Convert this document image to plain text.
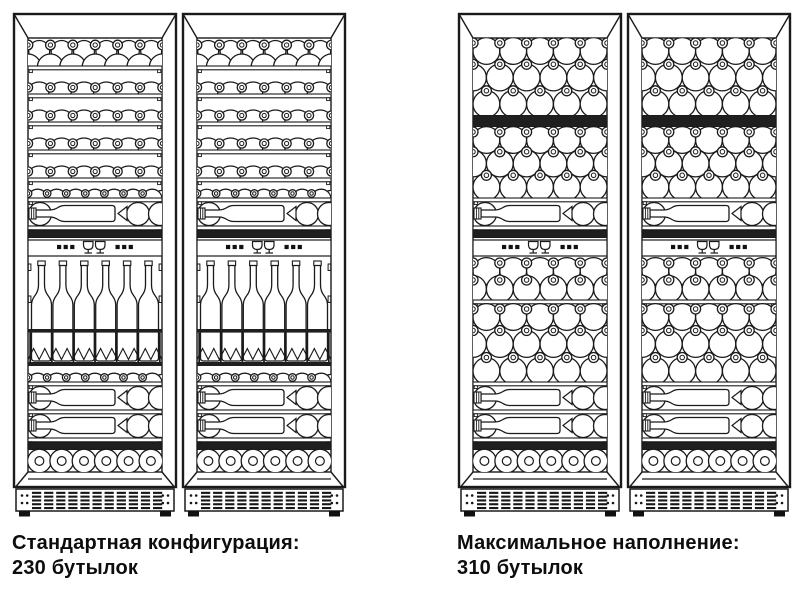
Стандартная конфигурация:
230 бутылок
Максимальное наполнение:
310 бутылок
